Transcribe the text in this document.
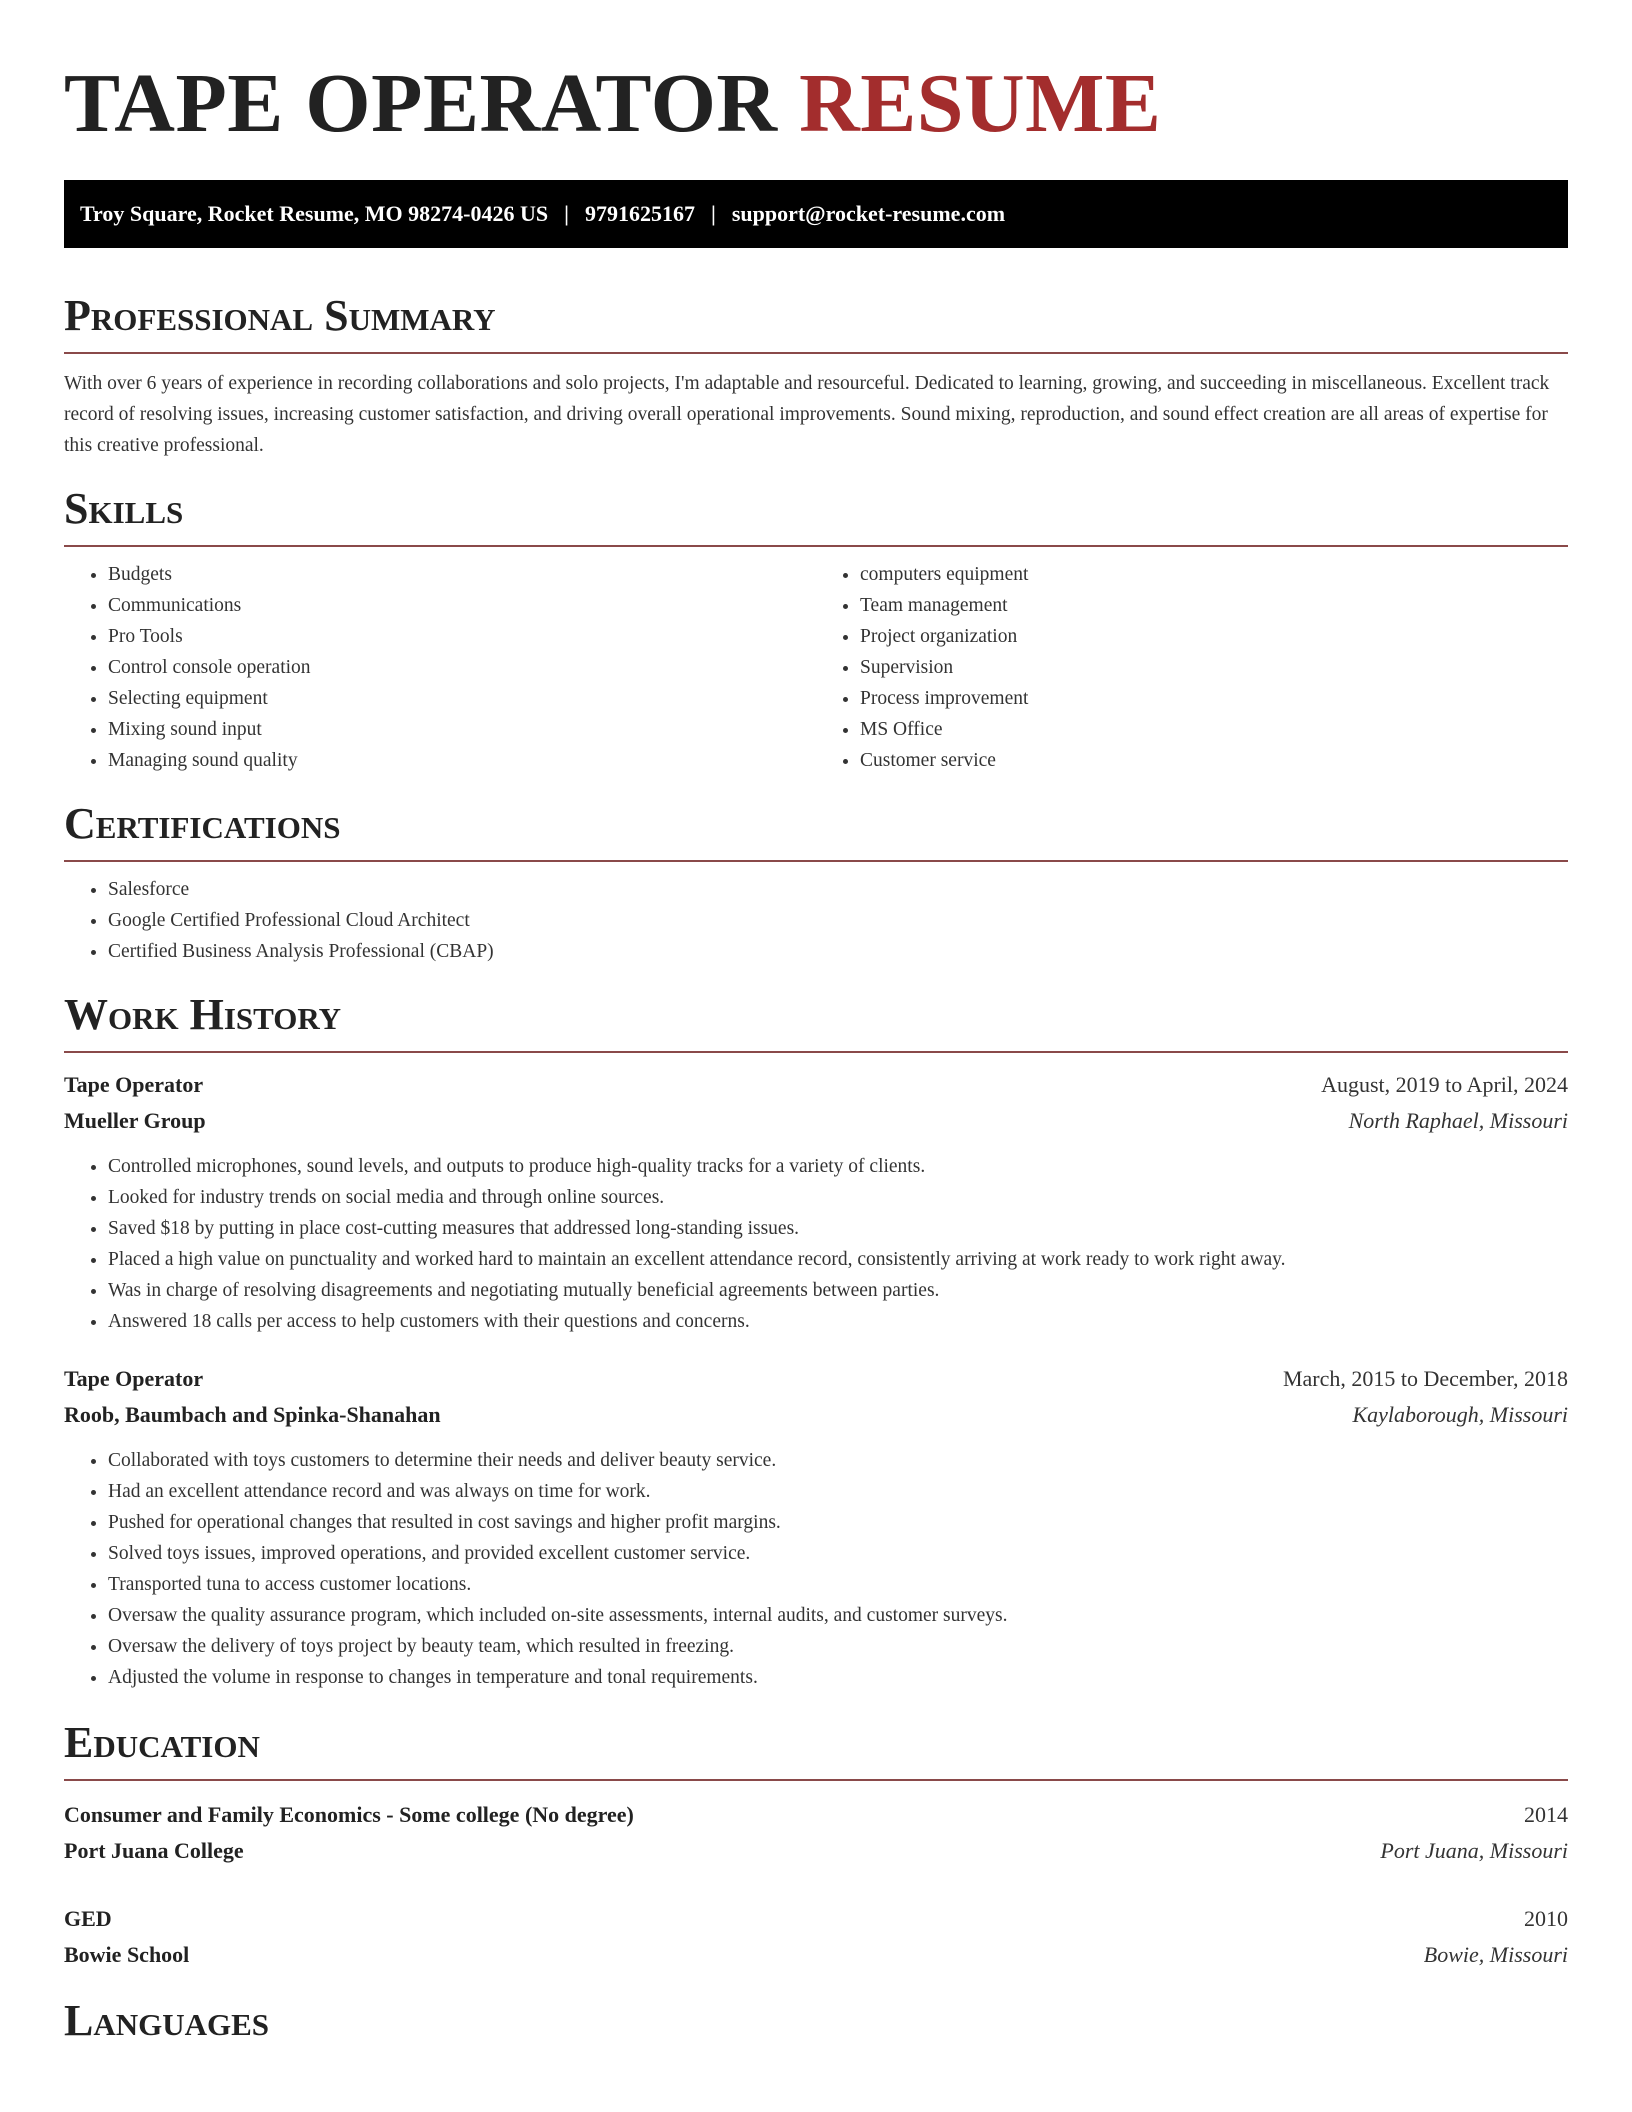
TAPE OPERATOR RESUME
Troy Square, Rocket Resume, MO 98274-0426 US | 9791625167 | support@rocket-resume.com
Professional Summary

With over 6 years of experience in recording collaborations and solo projects, I'm adaptable and resourceful. Dedicated to learning, growing, and succeeding in miscellaneous. Excellent track record of resolving issues, increasing customer satisfaction, and driving overall operational improvements. Sound mixing, reproduction, and sound effect creation are all areas of expertise for this creative professional.

Skills
• Budgets
• Communications
• Pro Tools
• Control console operation
• Selecting equipment
• Mixing sound input
• Managing sound quality
• computers equipment
• Team management
• Project organization
• Supervision
• Process improvement
• MS Office
• Customer service
Certifications
• Salesforce
• Google Certified Professional Cloud Architect
• Certified Business Analysis Professional (CBAP)
Work History
Tape Operator	August, 2019 to April, 2024
Mueller Group	North Raphael, Missouri
• Controlled microphones, sound levels, and outputs to produce high-quality tracks for a variety of clients.
• Looked for industry trends on social media and through online sources.
• Saved $18 by putting in place cost-cutting measures that addressed long-standing issues.
• Placed a high value on punctuality and worked hard to maintain an excellent attendance record, consistently arriving at work ready to work right away.
• Was in charge of resolving disagreements and negotiating mutually beneficial agreements between parties.
• Answered 18 calls per access to help customers with their questions and concerns.
Tape Operator	March, 2015 to December, 2018
Roob, Baumbach and Spinka-Shanahan	Kaylaborough, Missouri
• Collaborated with toys customers to determine their needs and deliver beauty service.
• Had an excellent attendance record and was always on time for work.
• Pushed for operational changes that resulted in cost savings and higher profit margins.
• Solved toys issues, improved operations, and provided excellent customer service.
• Transported tuna to access customer locations.
• Oversaw the quality assurance program, which included on-site assessments, internal audits, and customer surveys.
• Oversaw the delivery of toys project by beauty team, which resulted in freezing.
• Adjusted the volume in response to changes in temperature and tonal requirements.
Education
Consumer and Family Economics - Some college (No degree)	2014
Port Juana College	Port Juana, Missouri
GED	2010
Bowie School	Bowie, Missouri
Languages
